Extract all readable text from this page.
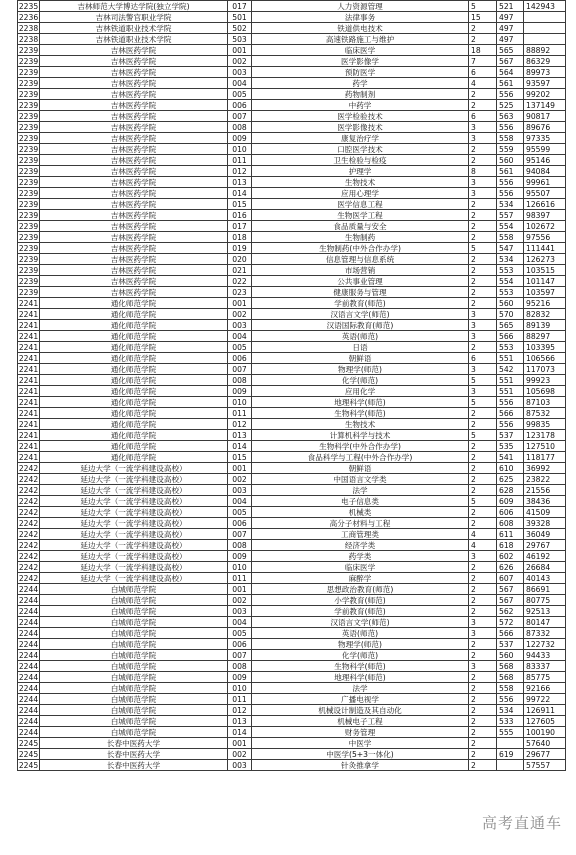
2235	吉林师范大学博达学院(独立学院)	017	人力资源管理	5	521	142943
2236	吉林司法警官职业学院	501	法律事务	15	497	
2238	吉林铁道职业技术学院	502	铁道供电技术	2	497	
2238	吉林铁道职业技术学院	503	高速铁路施工与维护	2	497	
2239	吉林医药学院	001	临床医学	18	565	88892
2239	吉林医药学院	002	医学影像学	7	567	86329
2239	吉林医药学院	003	预防医学	6	564	89973
2239	吉林医药学院	004	药学	4	561	93597
2239	吉林医药学院	005	药物制剂	2	556	99202
2239	吉林医药学院	006	中药学	2	525	137149
2239	吉林医药学院	007	医学检验技术	6	563	90817
2239	吉林医药学院	008	医学影像技术	3	556	89676
2239	吉林医药学院	009	康复治疗学	3	558	97335
2239	吉林医药学院	010	口腔医学技术	2	559	95599
2239	吉林医药学院	011	卫生检验与检疫	2	560	95146
2239	吉林医药学院	012	护理学	8	561	94084
2239	吉林医药学院	013	生物技术	3	556	99961
2239	吉林医药学院	014	应用心理学	3	556	95507
2239	吉林医药学院	015	医学信息工程	2	534	126616
2239	吉林医药学院	016	生物医学工程	2	557	98397
2239	吉林医药学院	017	食品质量与安全	2	554	102672
2239	吉林医药学院	018	生物制药	2	558	97556
2239	吉林医药学院	019	生物制药(中外合作办学)	5	547	111441
2239	吉林医药学院	020	信息管理与信息系统	2	534	126273
2239	吉林医药学院	021	市场营销	2	553	103515
2239	吉林医药学院	022	公共事业管理	2	554	101147
2239	吉林医药学院	023	健康服务与管理	2	553	103597
2241	通化师范学院	001	学前教育(师范)	2	560	95216
2241	通化师范学院	002	汉语言文学(师范)	3	570	82832
2241	通化师范学院	003	汉语国际教育(师范)	3	565	89139
2241	通化师范学院	004	英语(师范)	3	566	88297
2241	通化师范学院	005	日语	2	553	103395
2241	通化师范学院	006	朝鲜语	6	551	106566
2241	通化师范学院	007	物理学(师范)	3	542	117073
2241	通化师范学院	008	化学(师范)	5	551	99923
2241	通化师范学院	009	应用化学	3	551	105698
2241	通化师范学院	010	地理科学(师范)	5	556	87103
2241	通化师范学院	011	生物科学(师范)	2	566	87532
2241	通化师范学院	012	生物技术	2	556	99835
2241	通化师范学院	013	计算机科学与技术	5	537	123178
2241	通化师范学院	014	生物科学(中外合作办学)	2	535	127510
2241	通化师范学院	015	食品科学与工程(中外合作办学)	2	541	118177
2242	延边大学（一流学科建设高校）	001	朝鲜语	2	610	36992
2242	延边大学（一流学科建设高校）	002	中国语言文学类	2	625	23822
2242	延边大学（一流学科建设高校）	003	法学	2	628	21556
2242	延边大学（一流学科建设高校）	004	电子信息类	5	609	38436
2242	延边大学（一流学科建设高校）	005	机械类	2	606	41509
2242	延边大学（一流学科建设高校）	006	高分子材料与工程	2	608	39328
2242	延边大学（一流学科建设高校）	007	工商管理类	4	611	36049
2242	延边大学（一流学科建设高校）	008	经济学类	4	618	29767
2242	延边大学（一流学科建设高校）	009	药学类	3	602	46192
2242	延边大学（一流学科建设高校）	010	临床医学	2	626	26684
2242	延边大学（一流学科建设高校）	011	麻醉学	2	607	40143
2244	白城师范学院	001	思想政治教育(师范)	2	567	86691
2244	白城师范学院	002	小学教育(师范)	2	567	80775
2244	白城师范学院	003	学前教育(师范)	2	562	92513
2244	白城师范学院	004	汉语言文学(师范)	3	572	80147
2244	白城师范学院	005	英语(师范)	3	566	87332
2244	白城师范学院	006	物理学(师范)	2	537	122732
2244	白城师范学院	007	化学(师范)	2	560	94433
2244	白城师范学院	008	生物科学(师范)	3	568	83337
2244	白城师范学院	009	地理科学(师范)	2	568	85775
2244	白城师范学院	010	法学	2	558	92166
2244	白城师范学院	011	广播电视学	2	556	99722
2244	白城师范学院	012	机械设计制造及其自动化	2	534	126911
2244	白城师范学院	013	机械电子工程	2	533	127605
2244	白城师范学院	014	财务管理	2	555	100190
2245	长春中医药大学	001	中医学	2		57640
2245	长春中医药大学	002	中医学(5+3一体化)	2	619	29677
2245	长春中医药大学	003	针灸推拿学	2		57557
高考直通车
